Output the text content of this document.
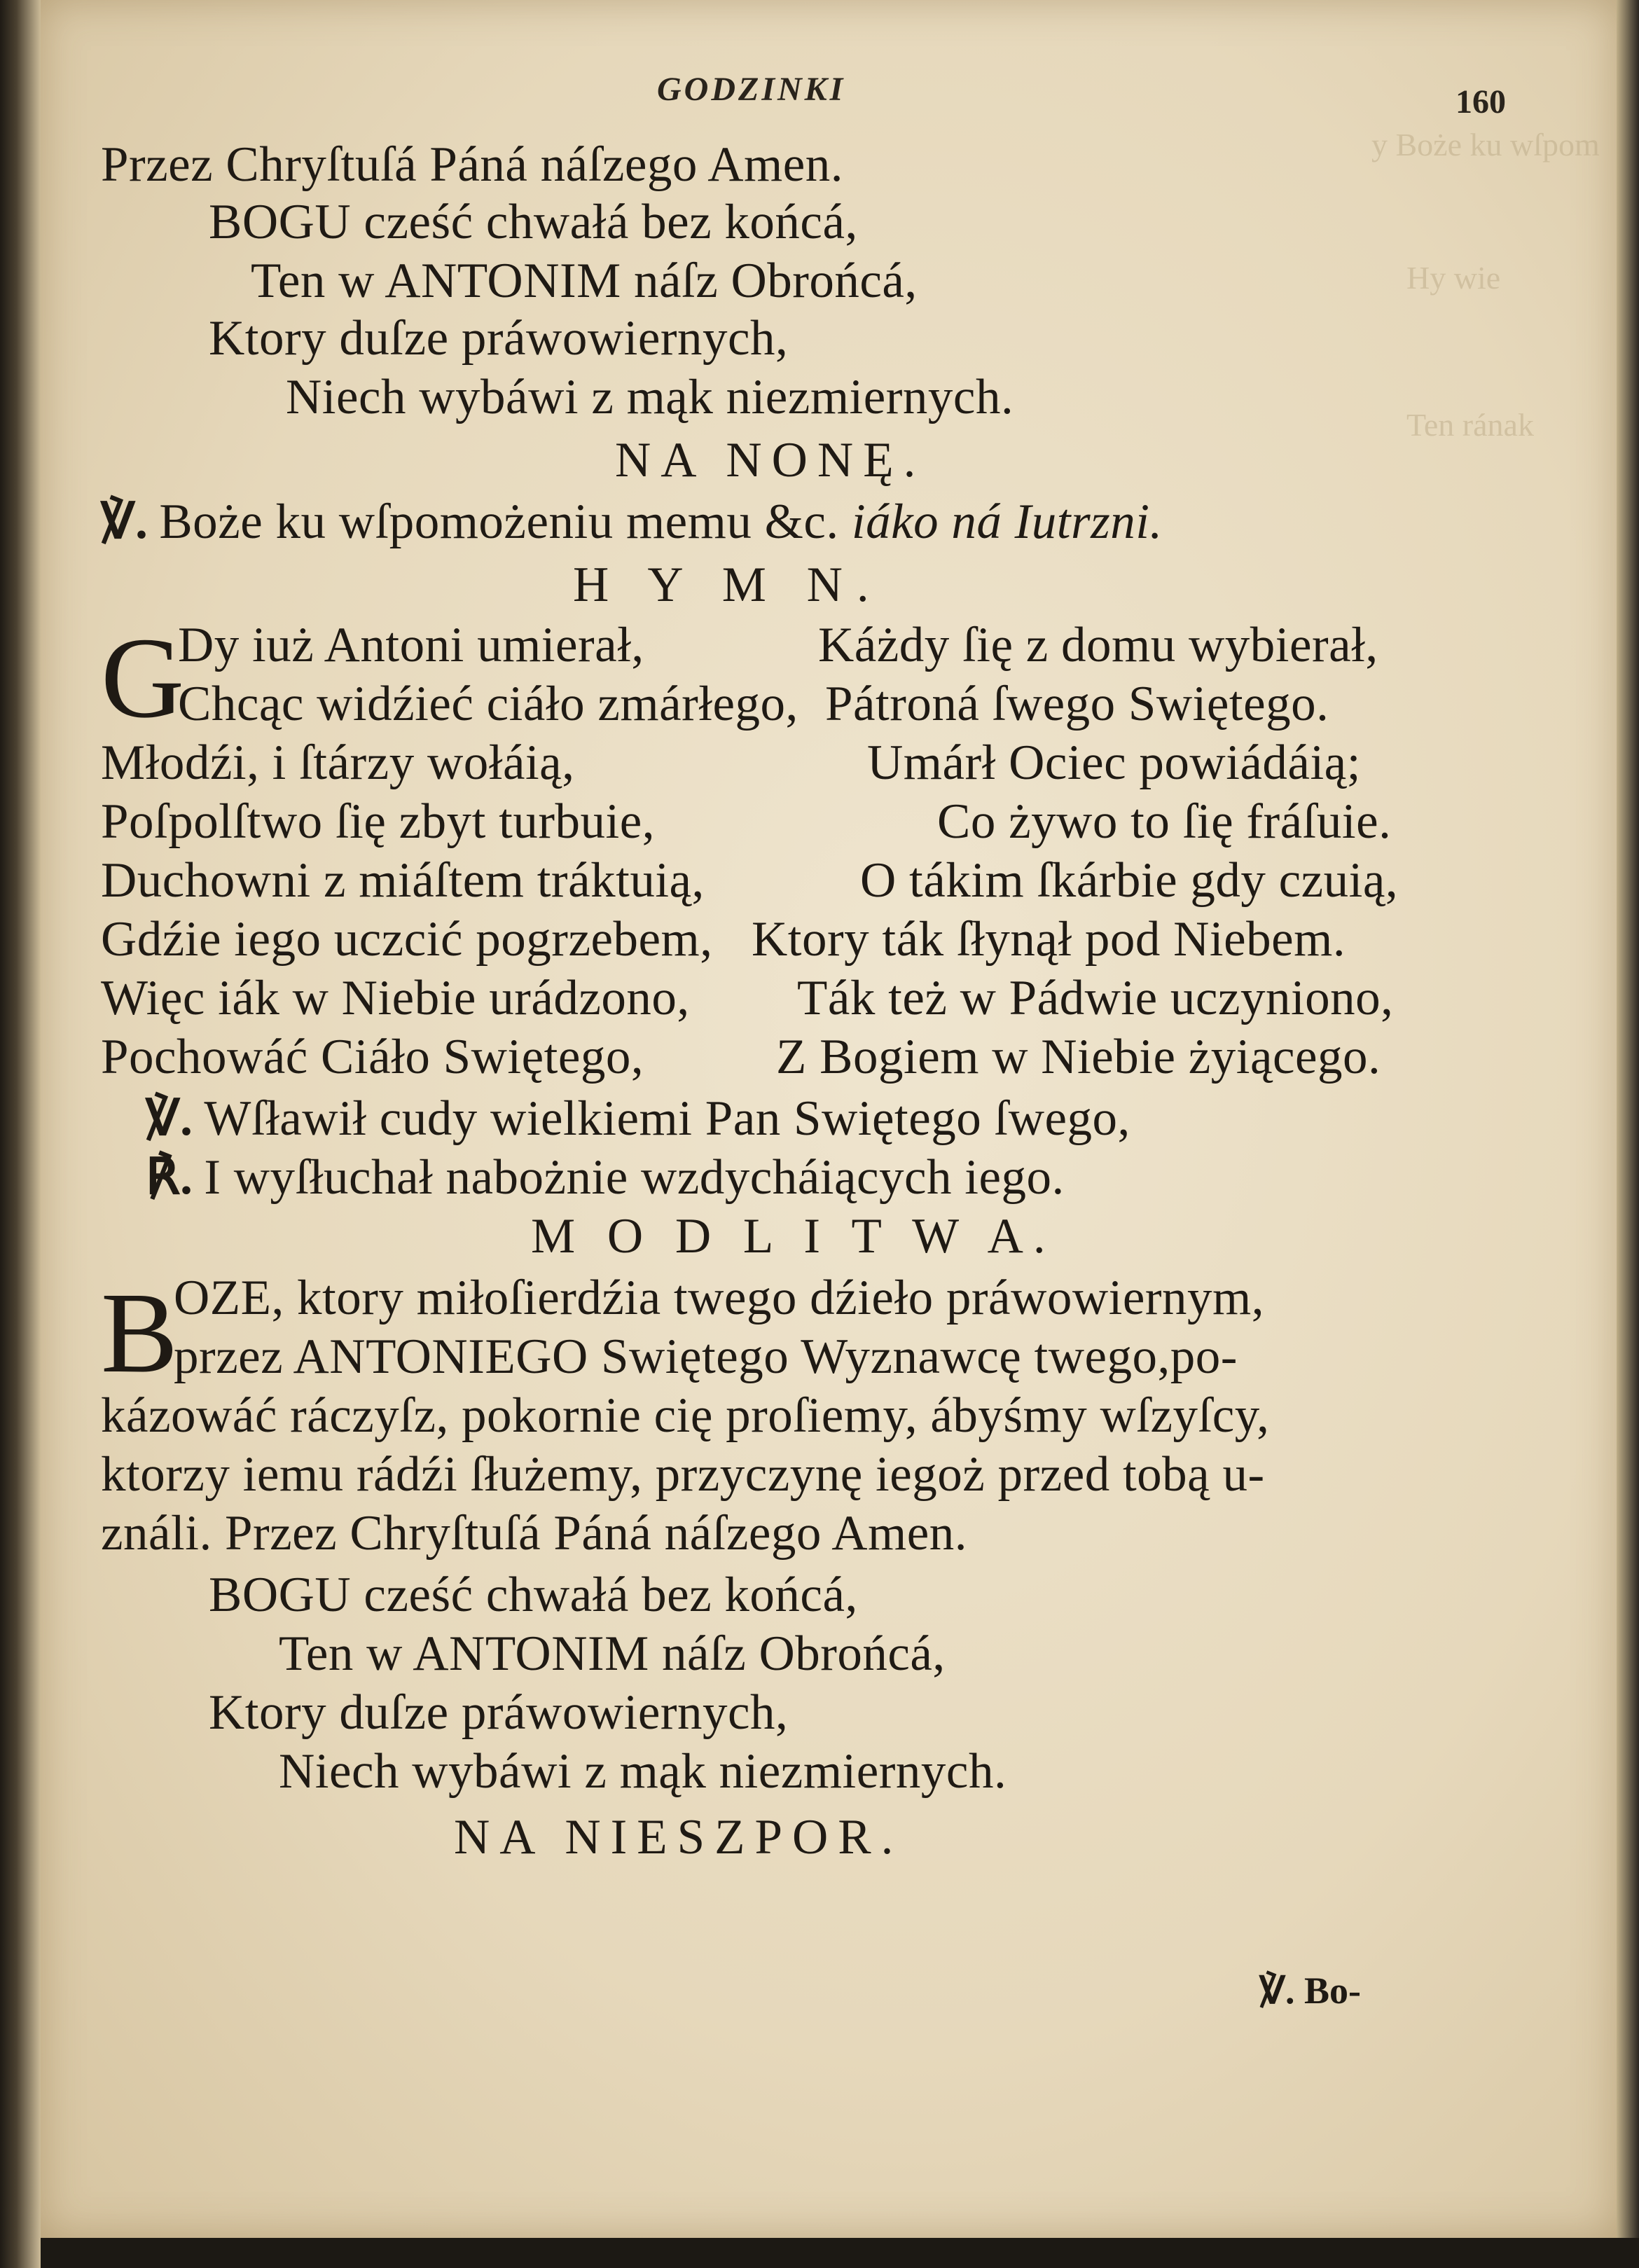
y Boże ku wſpom
Hy wie
Ten rának
GODZINKI	160
Przez Chryſtuſá Páná náſzego Amen.
BOGU cześć chwałá bez końcá,
Ten w ANTONIM náſz Obrońcá,
Ktory duſze práwowiernych,
Niech wybáwi z mąk niezmiernych.
NA NONĘ.
℣. Boże ku wſpomożeniu memu &c. iáko ná Iutrzni.
H Y M N.
G
Dy iuż Antoni umierał,	Káżdy ſię z domu wybierał,
Chcąc widźieć ciáło zmárłego, Pátroná ſwego Swiętego.
Młodźi, i ſtárzy wołáią,	Umárł Ociec powiádáią;
Poſpolſtwo ſię zbyt turbuie,	Co żywo to ſię fráſuie.
Duchowni z miáſtem tráktuią,	O tákim ſkárbie gdy czuią,
Gdźie iego uczcić pogrzebem, Ktory ták ſłynął pod Niebem.
Więc iák w Niebie urádzono, Ták też w Pádwie uczyniono,
Pochowáć Ciáło Swiętego,	Z Bogiem w Niebie żyiącego.
℣. Wſławił cudy wielkiemi Pan Swiętego ſwego,
℟. I wyſłuchał nabożnie wzdycháiących iego.
M O D L I T W A.
B
OZE, ktory miłoſierdźia twego dźieło práwowiernym,
przez ANTONIEGO Swiętego Wyznawcę twego,po-
kázowáć ráczyſz, pokornie cię proſiemy, ábyśmy wſzyſcy,
ktorzy iemu rádźi ſłużemy, przyczynę iegoż przed tobą u-
ználi. Przez Chryſtuſá Páná náſzego Amen.
BOGU cześć chwałá bez końcá,
Ten w ANTONIM náſz Obrońcá,
Ktory duſze práwowiernych,
Niech wybáwi z mąk niezmiernych.
NA NIESZPOR.
℣. Bo-
